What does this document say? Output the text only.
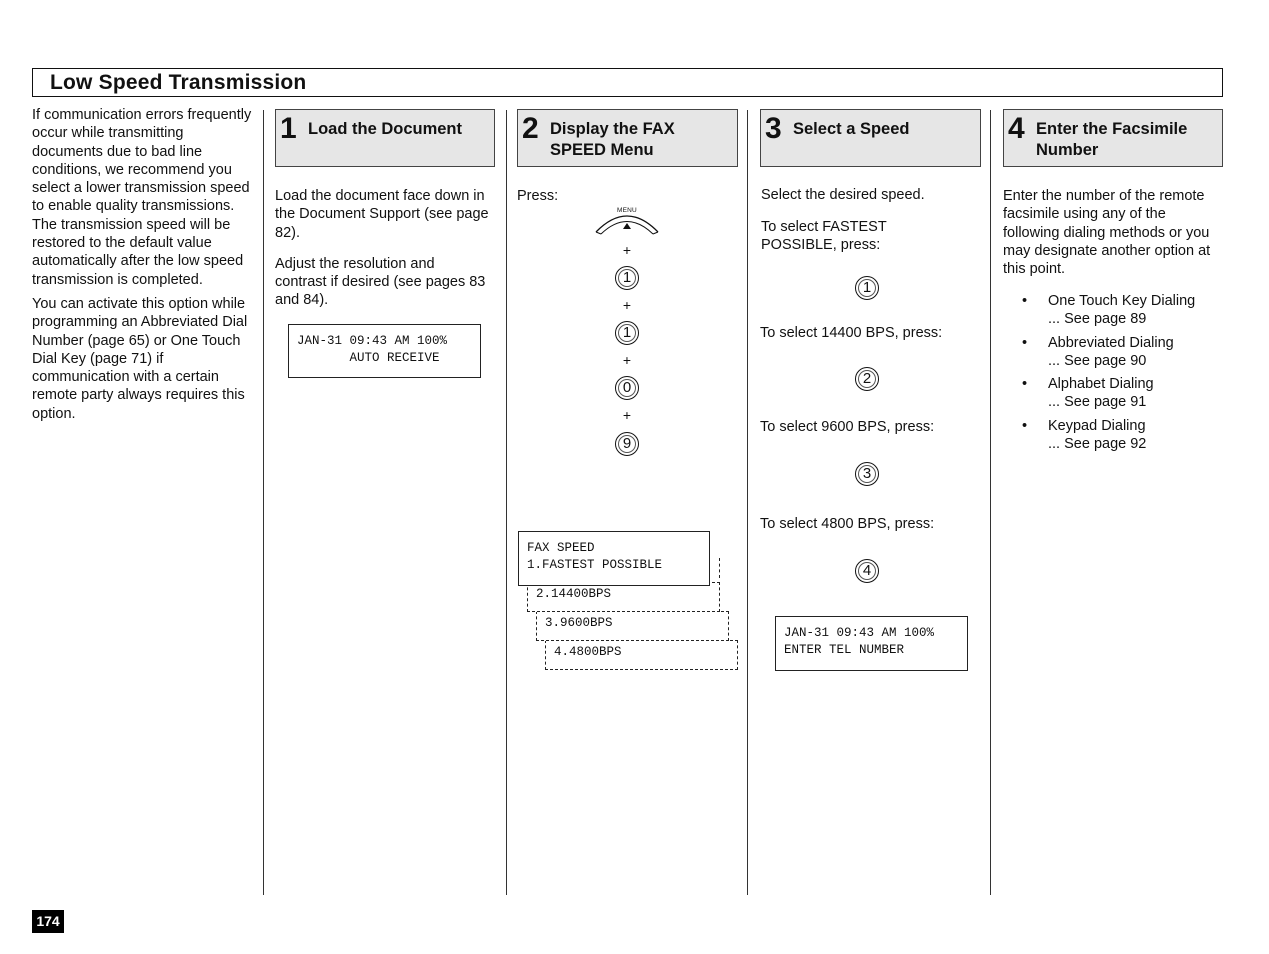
Low Speed Transmission

If communication errors frequently occur while transmitting documents due to bad line conditions, we recommend you select a lower transmission speed to enable quality transmissions. The transmission speed will be restored to the default value automatically after the low speed transmission is completed.

You can activate this option while programming an Abbreviated Dial Number (page 65) or One Touch Dial Key (page 71) if communication with a certain remote party always requires this option.

1 Load the Document	2 Display the FAX SPEED Menu
3 Select a Speed	4 Enter the Facsimile Number

Load the document face down in the Document Support (see page 82).

Adjust the resolution and contrast if desired (see pages 83 and 84).

JAN-31 09:43 AM 100%
AUTO RECEIVE
Press:
MENU
+
1
+
1
+
0
+
9
4.4800BPS
3.9600BPS
2.14400BPS
FAX SPEED
1.FASTEST POSSIBLE
Select the desired speed.
To select FASTEST POSSIBLE, press:
1
To select 14400 BPS, press:
2
To select 9600 BPS, press:
3
To select 4800 BPS, press:
4
JAN-31 09:43 AM 100%
ENTER TEL NUMBER

Enter the number of the remote facsimile using any of the following dialing methods or you may designate another option at this point.

• One Touch Key Dialing
... See page 89
• Abbreviated Dialing
... See page 90
• Alphabet Dialing
... See page 91
• Keypad Dialing
... See page 92
174
